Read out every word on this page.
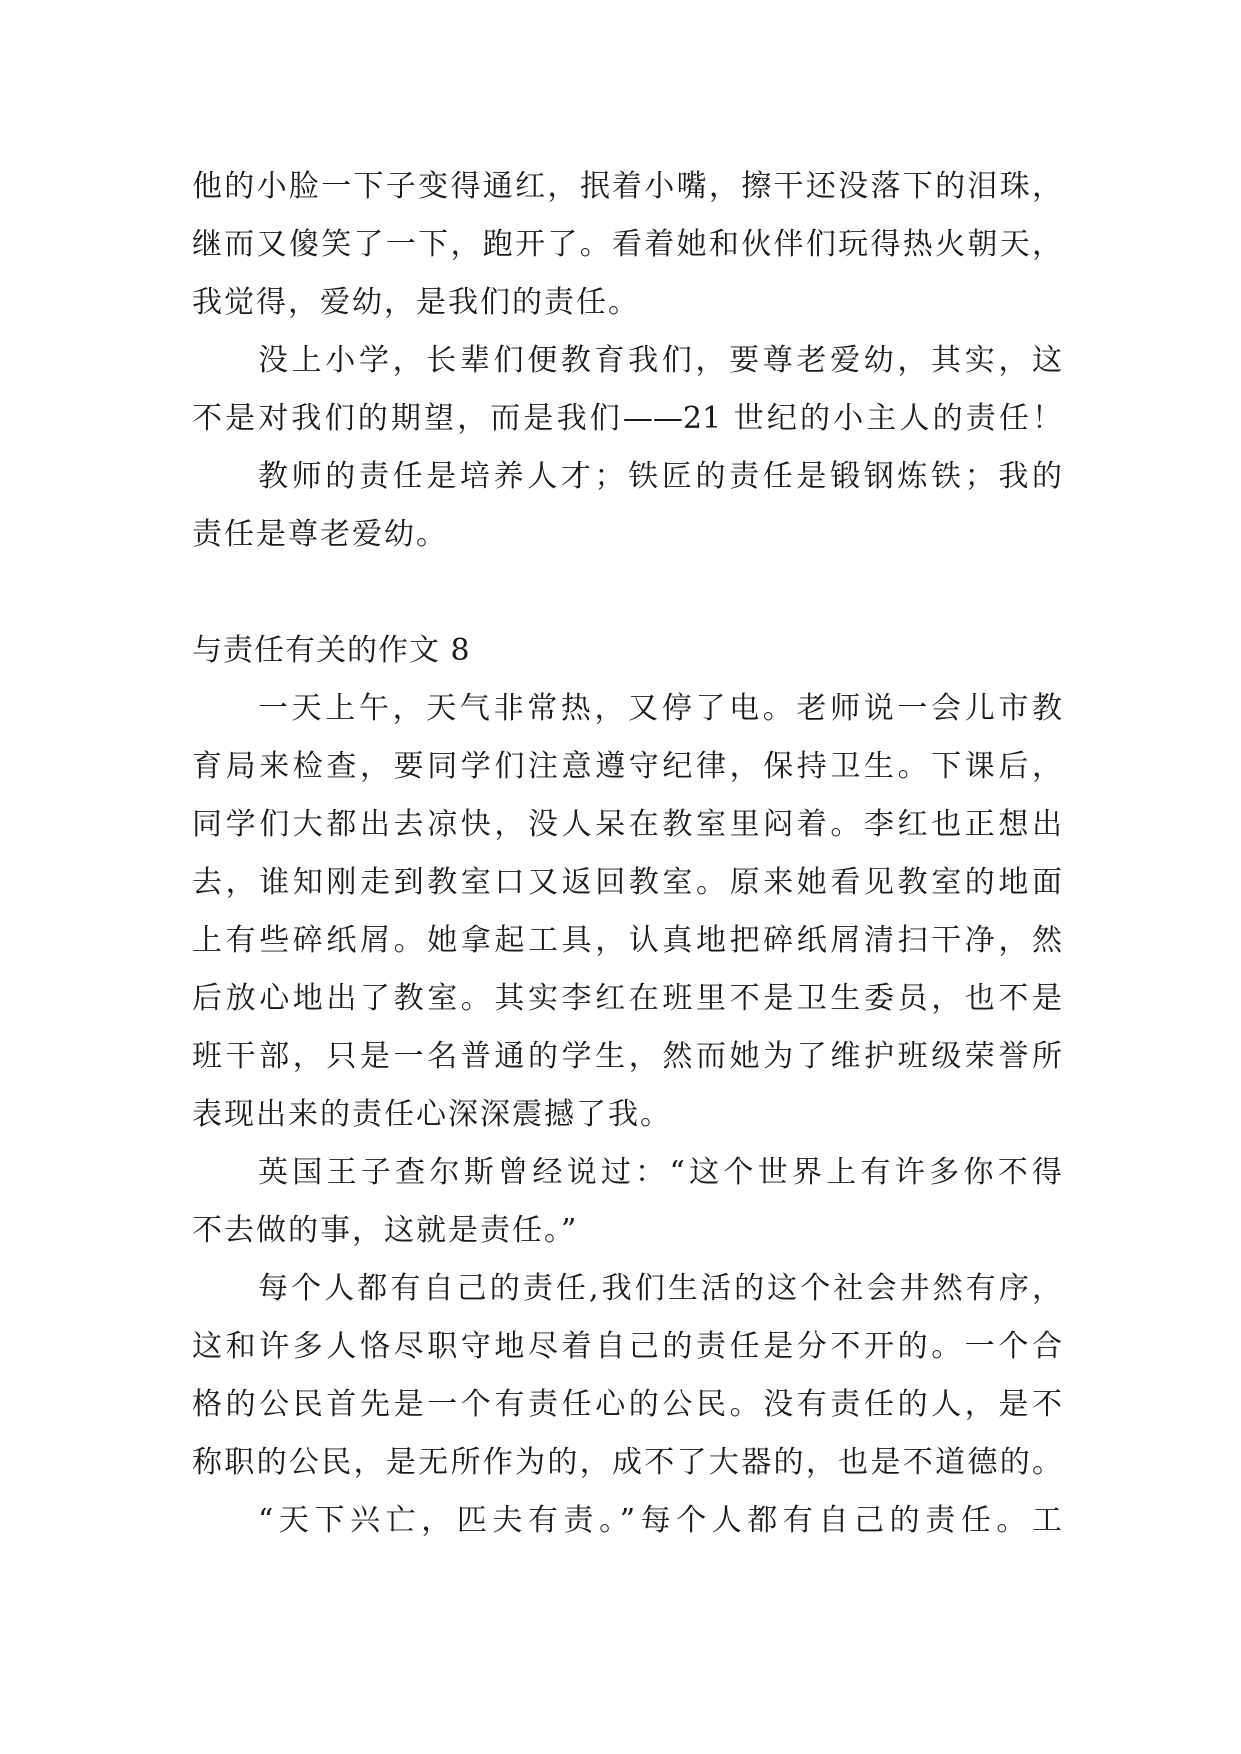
他的小脸一下子变得通红，抿着小嘴，擦干还没落下的泪珠，
继而又傻笑了一下，跑开了。看着她和伙伴们玩得热火朝天，
我觉得，爱幼，是我们的责任。
没上小学，长辈们便教育我们，要尊老爱幼，其实，这
不是对我们的期望，而是我们——21 世纪的小主人的责任！
教师的责任是培养人才；铁匠的责任是锻钢炼铁；我的
责任是尊老爱幼。
与责任有关的作文 8
一天上午，天气非常热，又停了电。老师说一会儿市教
育局来检查，要同学们注意遵守纪律，保持卫生。下课后，
同学们大都出去凉快，没人呆在教室里闷着。李红也正想出
去，谁知刚走到教室口又返回教室。原来她看见教室的地面
上有些碎纸屑。她拿起工具，认真地把碎纸屑清扫干净，然
后放心地出了教室。其实李红在班里不是卫生委员，也不是
班干部，只是一名普通的学生，然而她为了维护班级荣誉所
表现出来的责任心深深震撼了我。
英国王子查尔斯曾经说过：“这个世界上有许多你不得
不去做的事，这就是责任。”
每个人都有自己的责任,我们生活的这个社会井然有序，
这和许多人恪尽职守地尽着自己的责任是分不开的。一个合
格的公民首先是一个有责任心的公民。没有责任的人，是不
称职的公民，是无所作为的，成不了大器的，也是不道德的。
“天下兴亡，匹夫有责。”每个人都有自己的责任。工
